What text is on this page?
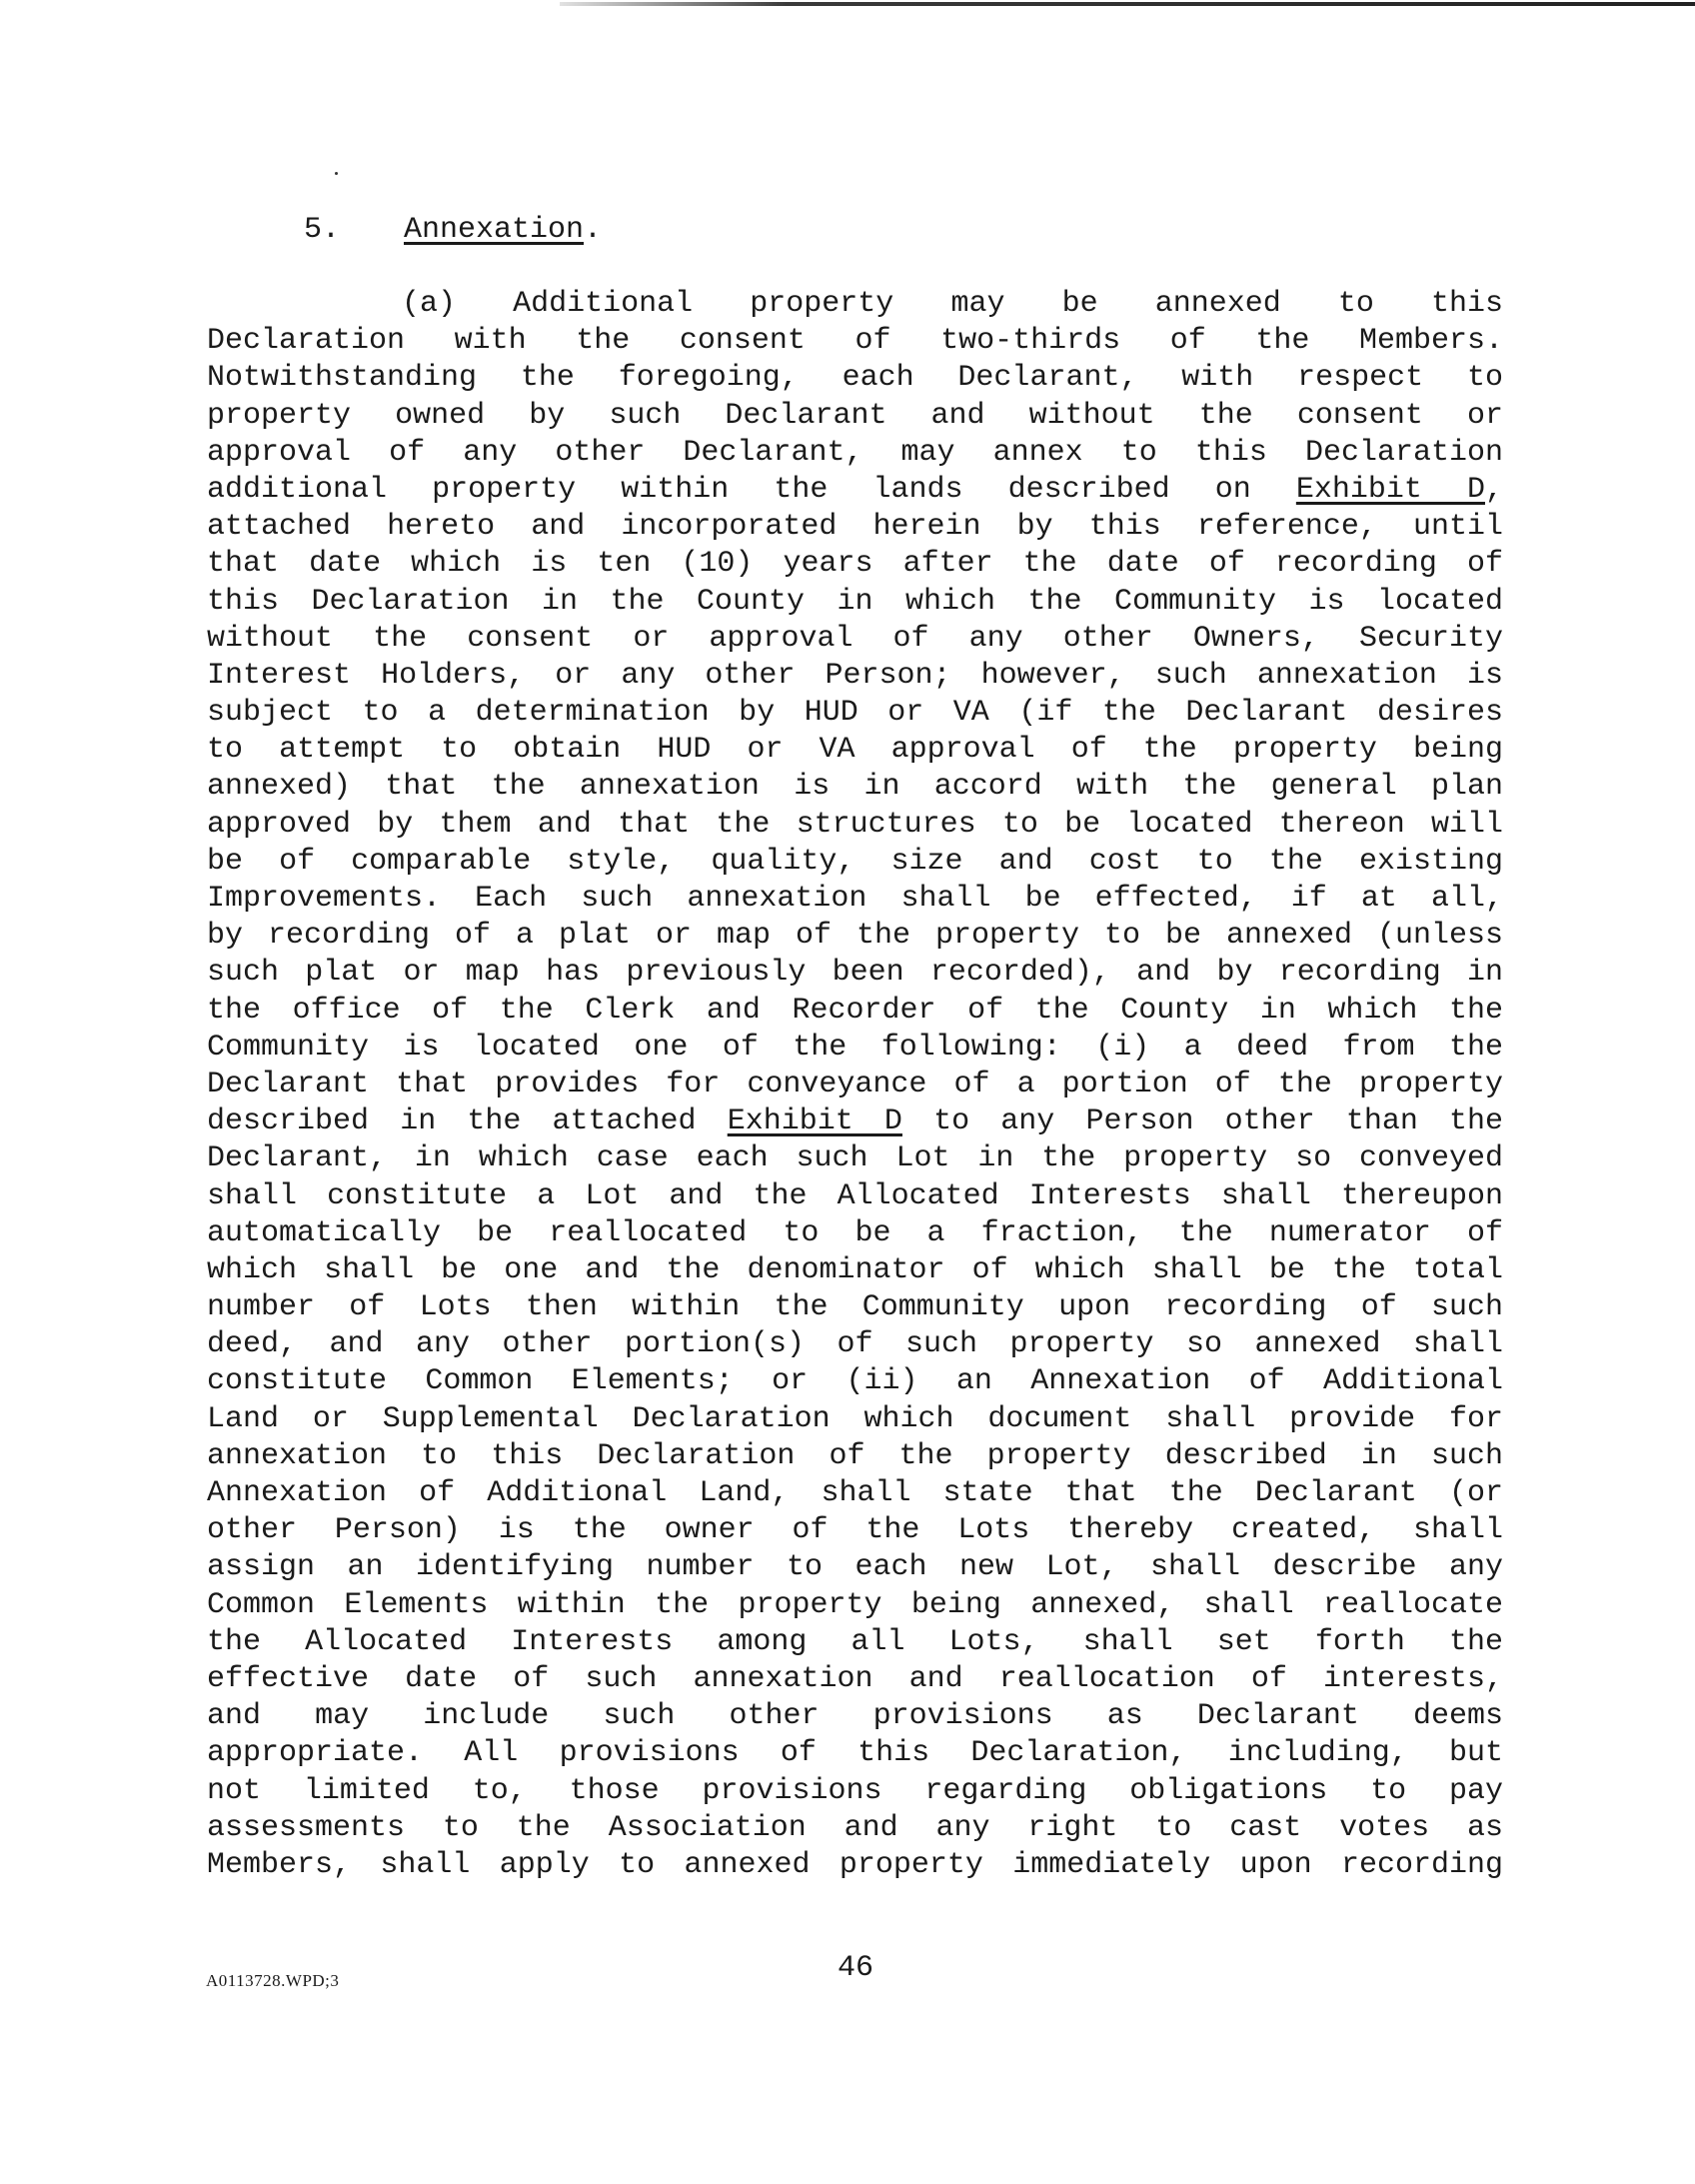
5. Annexation.
(a) Additional property may be annexed to this
Declaration with the consent of two-thirds of the Members.
Notwithstanding the foregoing, each Declarant, with respect to
property owned by such Declarant and without the consent or
approval of any other Declarant, may annex to this Declaration
additional property within the lands described on Exhibit D,
attached hereto and incorporated herein by this reference, until
that date which is ten (10) years after the date of recording of
this Declaration in the County in which the Community is located
without the consent or approval of any other Owners, Security
Interest Holders, or any other Person; however, such annexation is
subject to a determination by HUD or VA (if the Declarant desires
to attempt to obtain HUD or VA approval of the property being
annexed) that the annexation is in accord with the general plan
approved by them and that the structures to be located thereon will
be of comparable style, quality, size and cost to the existing
Improvements. Each such annexation shall be effected, if at all,
by recording of a plat or map of the property to be annexed (unless
such plat or map has previously been recorded), and by recording in
the office of the Clerk and Recorder of the County in which the
Community is located one of the following: (i) a deed from the
Declarant that provides for conveyance of a portion of the property
described in the attached Exhibit D to any Person other than the
Declarant, in which case each such Lot in the property so conveyed
shall constitute a Lot and the Allocated Interests shall thereupon
automatically be reallocated to be a fraction, the numerator of
which shall be one and the denominator of which shall be the total
number of Lots then within the Community upon recording of such
deed, and any other portion(s) of such property so annexed shall
constitute Common Elements; or (ii) an Annexation of Additional
Land or Supplemental Declaration which document shall provide for
annexation to this Declaration of the property described in such
Annexation of Additional Land, shall state that the Declarant (or
other Person) is the owner of the Lots thereby created, shall
assign an identifying number to each new Lot, shall describe any
Common Elements within the property being annexed, shall reallocate
the Allocated Interests among all Lots, shall set forth the
effective date of such annexation and reallocation of interests,
and may include such other provisions as Declarant deems
appropriate. All provisions of this Declaration, including, but
not limited to, those provisions regarding obligations to pay
assessments to the Association and any right to cast votes as
Members, shall apply to annexed property immediately upon recording
46
A0113728.WPD;3
